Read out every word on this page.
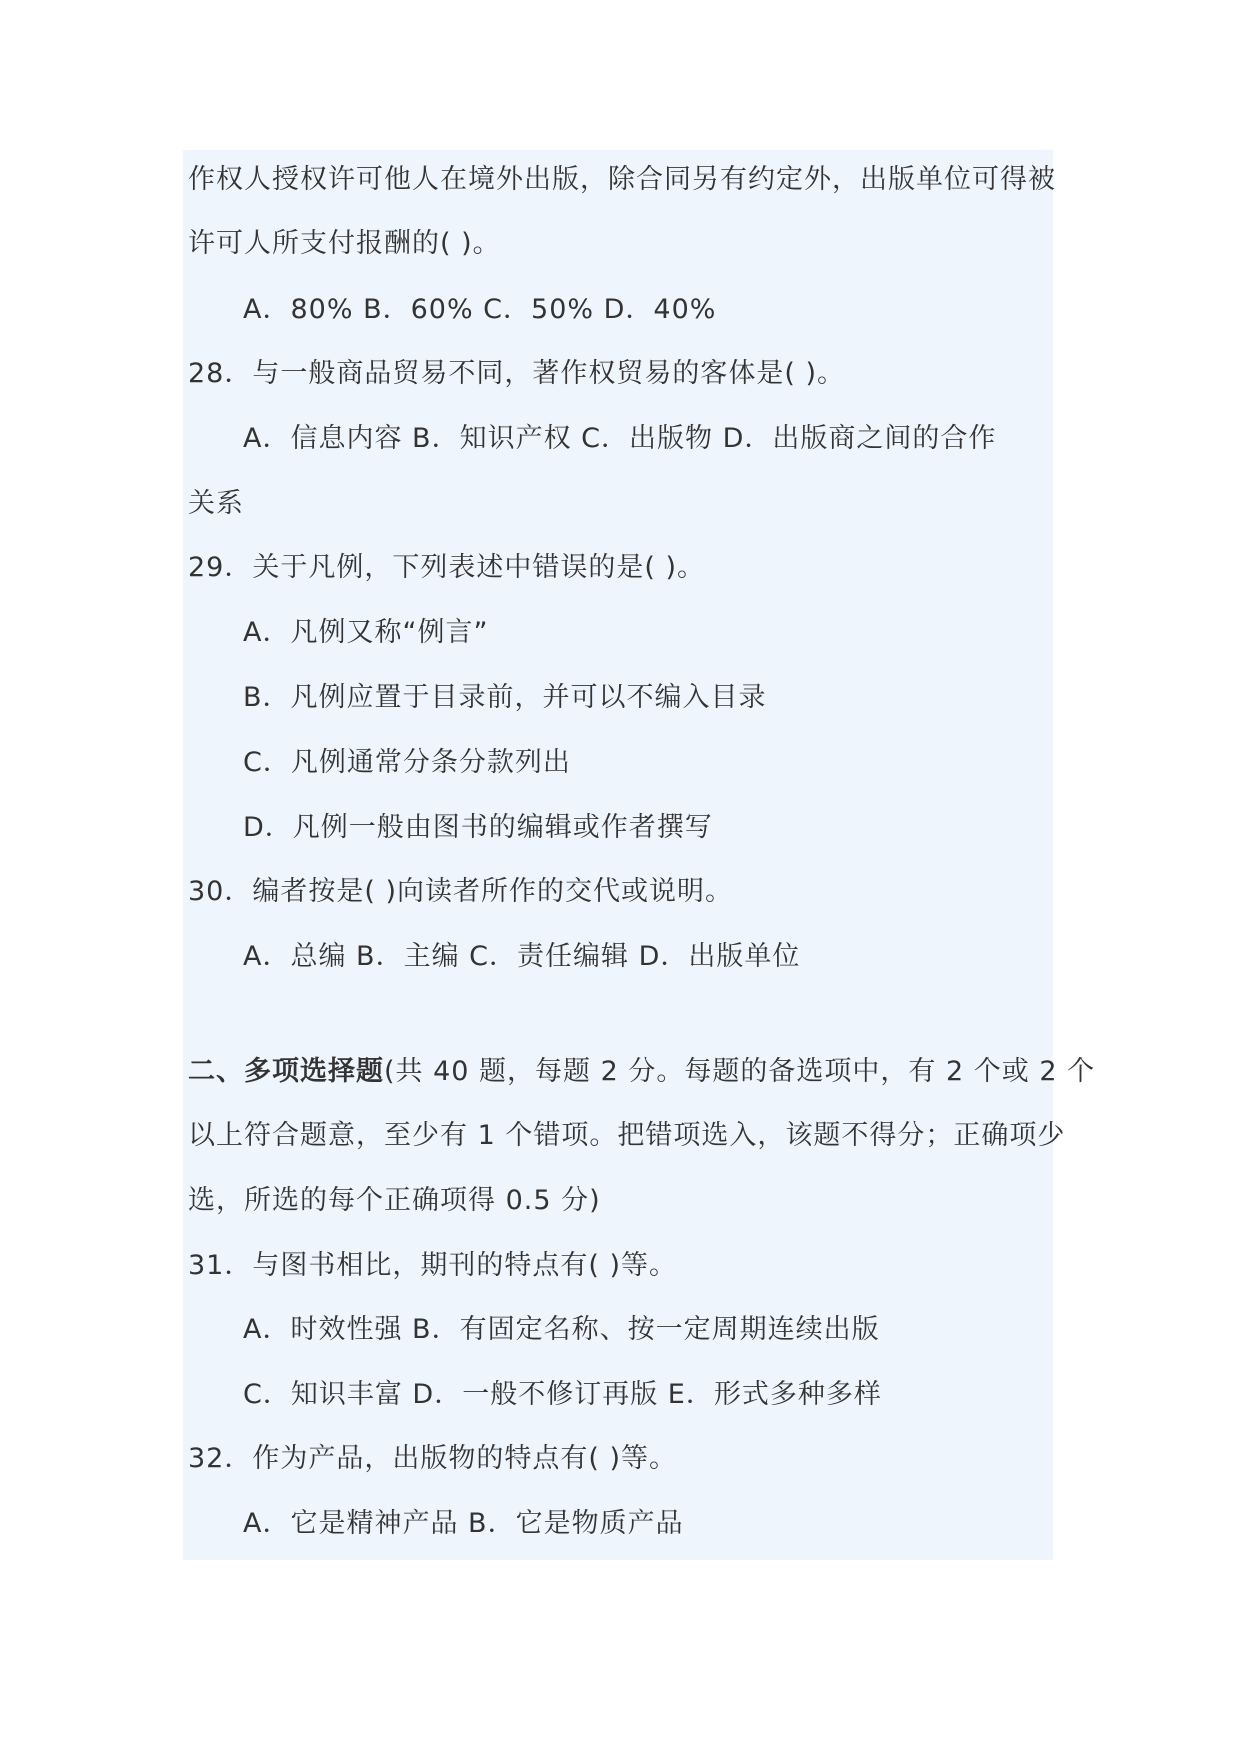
作权人授权许可他人在境外出版，除合同另有约定外，出版单位可得被
许可人所支付报酬的( )。
A．80% B．60% C．50% D．40%
28．与一般商品贸易不同，著作权贸易的客体是( )。
A．信息内容 B．知识产权 C．出版物 D．出版商之间的合作
关系
29．关于凡例，下列表述中错误的是( )。
A．凡例又称“例言”
B．凡例应置于目录前，并可以不编入目录
C．凡例通常分条分款列出
D．凡例一般由图书的编辑或作者撰写
30．编者按是( )向读者所作的交代或说明。
A．总编 B．主编 C．责任编辑 D．出版单位
二、多项选择题(共 40 题，每题 2 分。每题的备选项中，有 2 个或 2 个
以上符合题意，至少有 1 个错项。把错项选入，该题不得分；正确项少
选，所选的每个正确项得 0.5 分)
31．与图书相比，期刊的特点有( )等。
A．时效性强 B．有固定名称、按一定周期连续出版
C．知识丰富 D．一般不修订再版 E．形式多种多样
32．作为产品，出版物的特点有( )等。
A．它是精神产品 B．它是物质产品
